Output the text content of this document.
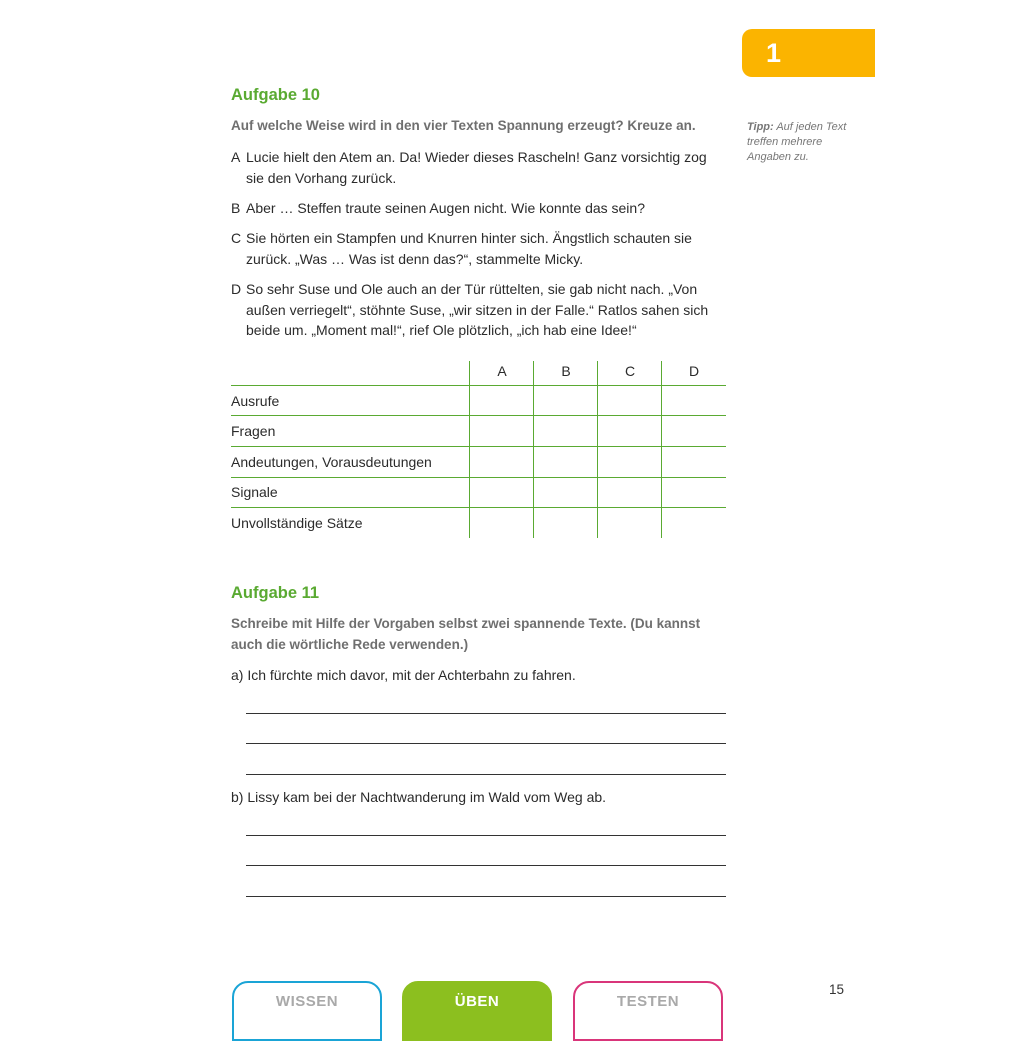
1
Aufgabe 10
Auf welche Weise wird in den vier Texten Spannung erzeugt? Kreuze an.	Tipp: Auf jeden Text treffen mehrere Angaben zu.
A Lucie hielt den Atem an. Da! Wieder dieses Rascheln! Ganz vorsichtig zog sie den Vorhang zurück.
B Aber … Steffen traute seinen Augen nicht. Wie konnte das sein?
C Sie hörten ein Stampfen und Knurren hinter sich. Ängstlich schauten sie zurück. „Was … Was ist denn das?“, stammelte Micky.
D So sehr Suse und Ole auch an der Tür rüttelten, sie gab nicht nach. „Von außen verriegelt“, stöhnte Suse, „wir sitzen in der Falle.“ Ratlos sahen sich beide um. „Moment mal!“, rief Ole plötzlich, „ich hab eine Idee!“
A	B	C	D
Ausrufe
Fragen
Andeutungen, Vorausdeutungen
Signale
Unvollständige Sätze
Aufgabe 11
Schreibe mit Hilfe der Vorgaben selbst zwei spannende Texte. (Du kannst auch die wörtliche Rede verwenden.)
a) Ich fürchte mich davor, mit der Achterbahn zu fahren.
b) Lissy kam bei der Nachtwanderung im Wald vom Weg ab.
WISSEN	ÜBEN	TESTEN
15
